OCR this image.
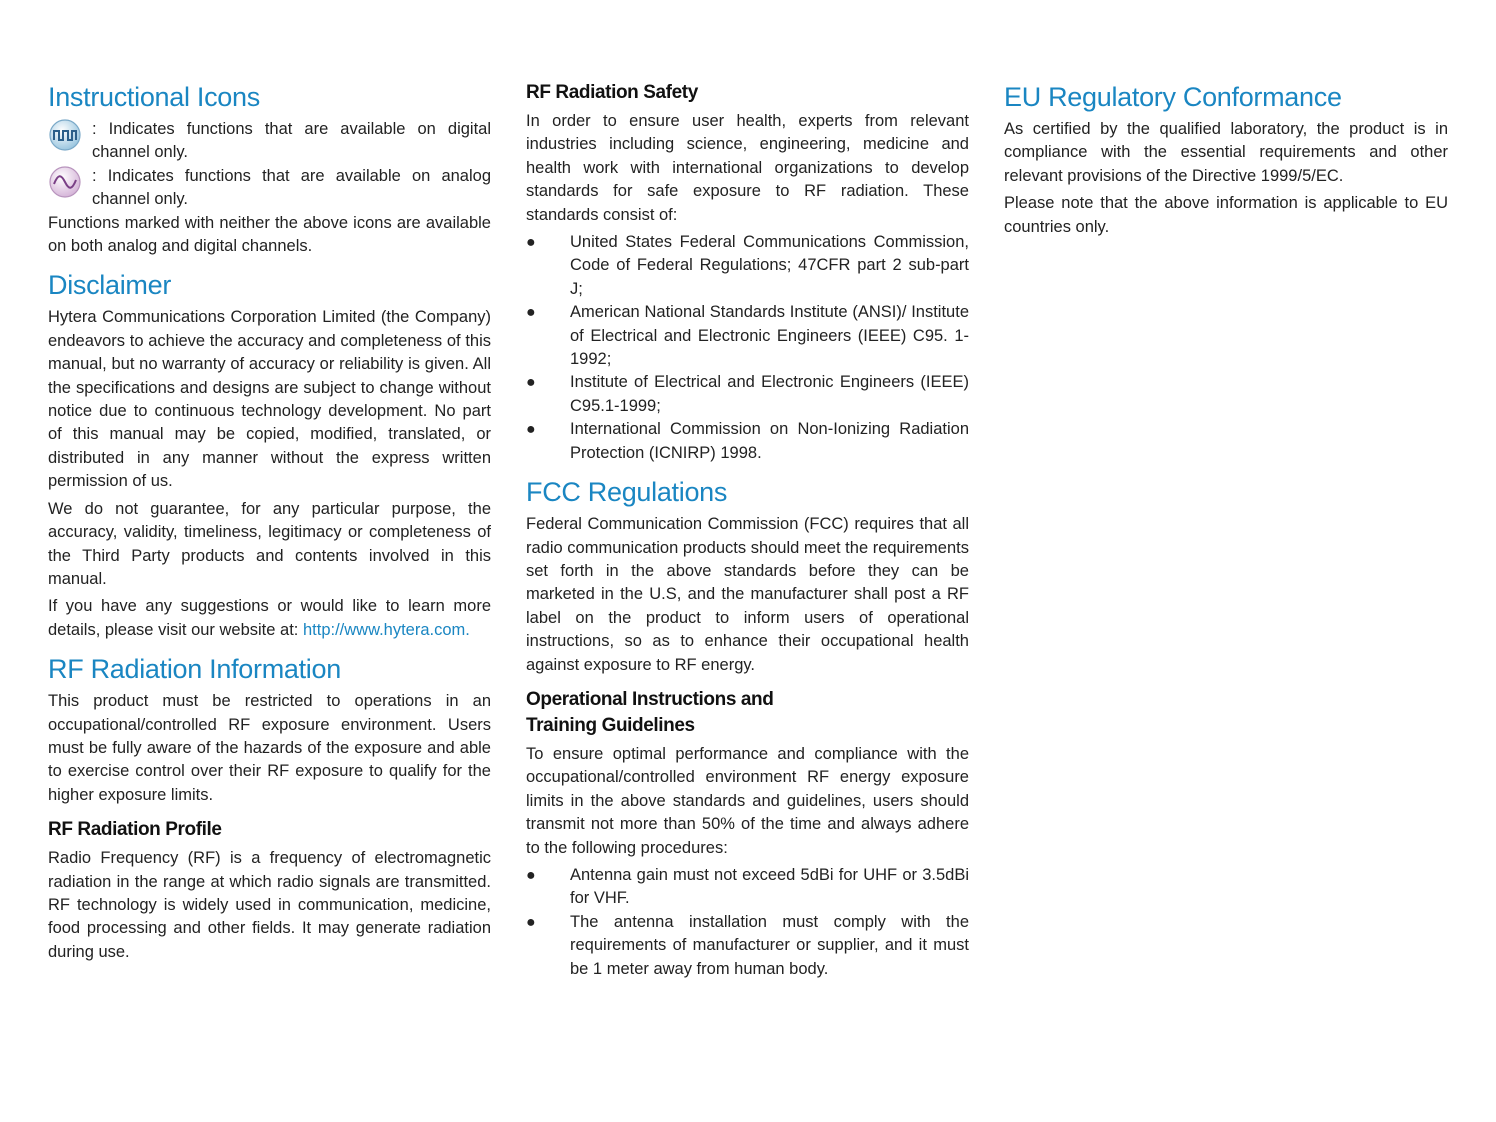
Instructional Icons

: Indicates functions that are available on digital channel only.

: Indicates functions that are available on analog channel only.

Functions marked with neither the above icons are available on both analog and digital channels.

Disclaimer

Hytera Communications Corporation Limited (the Company) endeavors to achieve the accuracy and completeness of this manual, but no warranty of accuracy or reliability is given. All the specifications and designs are subject to change without notice due to continuous technology development. No part of this manual may be copied, modified, translated, or distributed in any manner without the express written permission of us.

We do not guarantee, for any particular purpose, the accuracy, validity, timeliness, legitimacy or completeness of the Third Party products and contents involved in this manual.

If you have any suggestions or would like to learn more details, please visit our website at: http://www.hytera.com.

RF Radiation Information

This product must be restricted to operations in an occupational/controlled RF exposure environment. Users must be fully aware of the hazards of the exposure and able to exercise control over their RF exposure to qualify for the higher exposure limits.

RF Radiation Profile

Radio Frequency (RF) is a frequency of electromagnetic radiation in the range at which radio signals are transmitted. RF technology is widely used in communication, medicine, food processing and other fields. It may generate radiation during use.

RF Radiation Safety

In order to ensure user health, experts from relevant industries including science, engineering, medicine and health work with international organizations to develop standards for safe exposure to RF radiation. These standards consist of:

● United States Federal Communications Commission, Code of Federal Regulations; 47CFR part 2 sub-part J;

● American National Standards Institute (ANSI)/ Institute of Electrical and Electronic Engineers (IEEE) C95. 1-1992;

● Institute of Electrical and Electronic Engineers (IEEE) C95.1-1999;

● International Commission on Non-Ionizing Radiation Protection (ICNIRP) 1998.

FCC Regulations

Federal Communication Commission (FCC) requires that all radio communication products should meet the requirements set forth in the above standards before they can be marketed in the U.S, and the manufacturer shall post a RF label on the product to inform users of operational instructions, so as to enhance their occupational health against exposure to RF energy.

Operational Instructions and
Training Guidelines

To ensure optimal performance and compliance with the occupational/controlled environment RF energy exposure limits in the above standards and guidelines, users should transmit not more than 50% of the time and always adhere to the following procedures:

● Antenna gain must not exceed 5dBi for UHF or 3.5dBi for VHF.

● The antenna installation must comply with the requirements of manufacturer or supplier, and it must be 1 meter away from human body.

EU Regulatory Conformance

As certified by the qualified laboratory, the product is in compliance with the essential requirements and other relevant provisions of the Directive 1999/5/EC.

Please note that the above information is applicable to EU countries only.
